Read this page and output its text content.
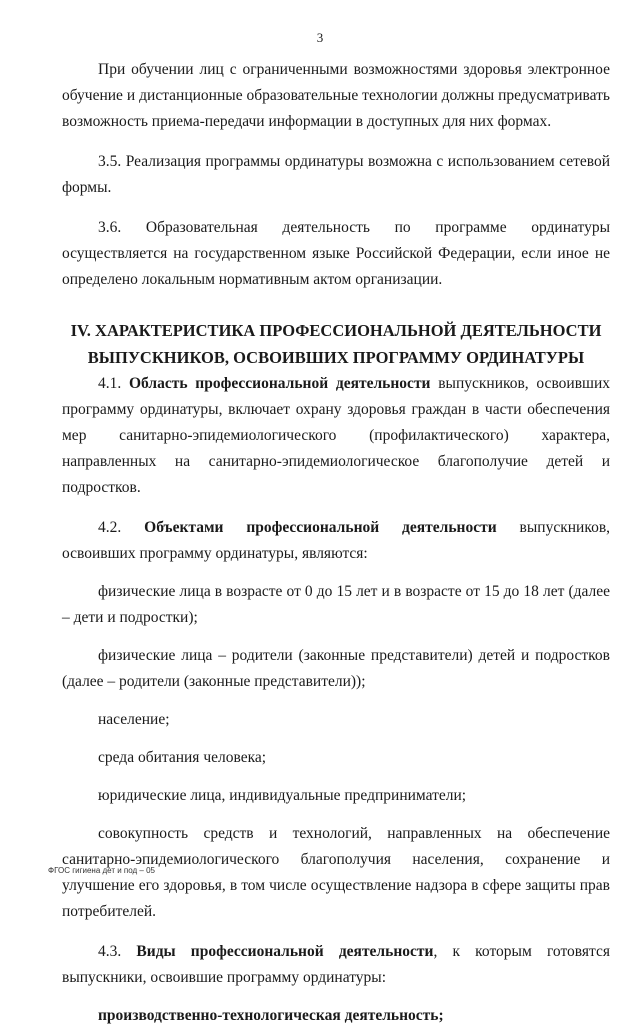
3

При обучении лиц с ограниченными возможностями здоровья электронное обучение и дистанционные образовательные технологии должны предусматривать возможность приема-передачи информации в доступных для них формах.

3.5. Реализация программы ординатуры возможна с использованием сетевой формы.

3.6. Образовательная деятельность по программе ординатуры осуществляется на государственном языке Российской Федерации, если иное не определено локальным нормативным актом организации.

IV. ХАРАКТЕРИСТИКА ПРОФЕССИОНАЛЬНОЙ ДЕЯТЕЛЬНОСТИ
ВЫПУСКНИКОВ, ОСВОИВШИХ ПРОГРАММУ ОРДИНАТУРЫ

4.1. Область профессиональной деятельности выпускников, освоивших программу ординатуры, включает охрану здоровья граждан в части обеспечения мер санитарно-эпидемиологического (профилактического) характера, направленных на санитарно-эпидемиологическое благополучие детей и подростков.

4.2. Объектами профессиональной деятельности выпускников, освоивших программу ординатуры, являются:

физические лица в возрасте от 0 до 15 лет и в возрасте от 15 до 18 лет (далее – дети и подростки);

физические лица – родители (законные представители) детей и подростков (далее – родители (законные представители));

население;

среда обитания человека;

юридические лица, индивидуальные предприниматели;

совокупность средств и технологий, направленных на обеспечение санитарно-эпидемиологического благополучия населения, сохранение и улучшение его здоровья, в том числе осуществление надзора в сфере защиты прав потребителей.

4.3. Виды профессиональной деятельности, к которым готовятся выпускники, освоившие программу ординатуры:

производственно-технологическая деятельность;

ФГОС гигиена дет и под – 05
